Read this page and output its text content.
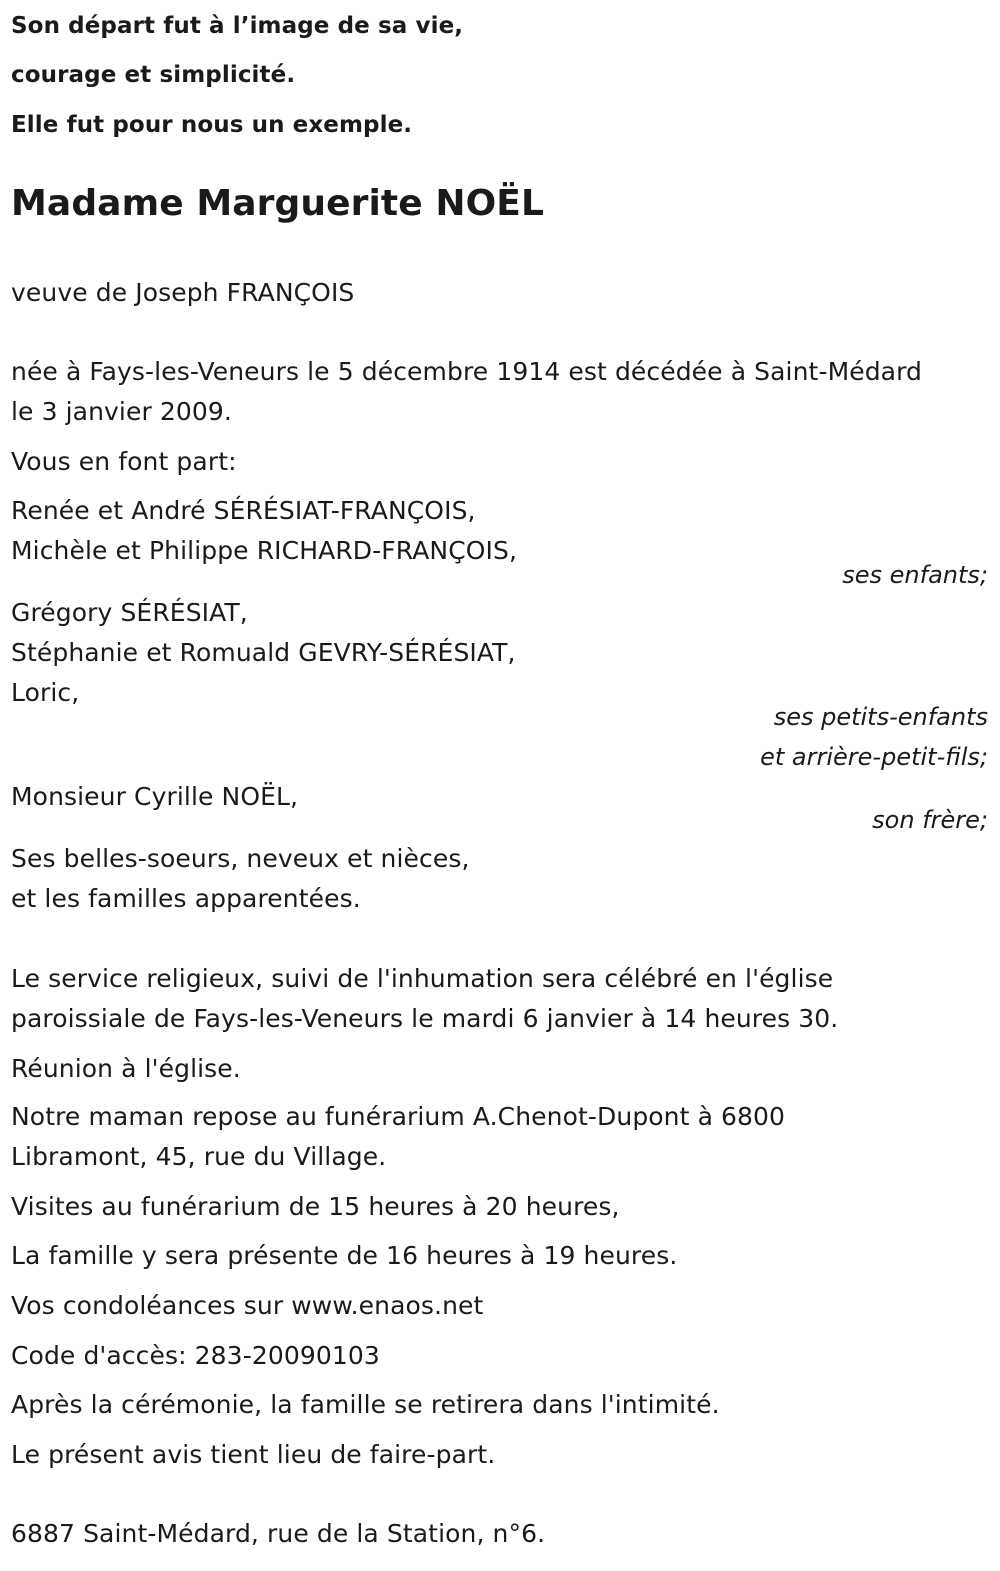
Son départ fut à l’image de sa vie,
courage et simplicité.
Elle fut pour nous un exemple.
Madame Marguerite NOËL
veuve de Joseph FRANÇOIS
née à Fays-les-Veneurs le 5 décembre 1914 est décédée à Saint-Médard
le 3 janvier 2009.
Vous en font part:
Renée et André SÉRÉSIAT-FRANÇOIS,
Michèle et Philippe RICHARD-FRANÇOIS,
ses enfants;
Grégory SÉRÉSIAT,
Stéphanie et Romuald GEVRY-SÉRÉSIAT,
Loric,
ses petits-enfants
et arrière-petit-fils;
Monsieur Cyrille NOËL,
son frère;
Ses belles-soeurs, neveux et nièces,
et les familles apparentées.
Le service religieux, suivi de l'inhumation sera célébré en l'église
paroissiale de Fays-les-Veneurs le mardi 6 janvier à 14 heures 30.
Réunion à l'église.
Notre maman repose au funérarium A.Chenot-Dupont à 6800
Libramont, 45, rue du Village.
Visites au funérarium de 15 heures à 20 heures,
La famille y sera présente de 16 heures à 19 heures.
Vos condoléances sur www.enaos.net
Code d'accès: 283-20090103
Après la cérémonie, la famille se retirera dans l'intimité.
Le présent avis tient lieu de faire-part.
6887 Saint-Médard, rue de la Station, n°6.
